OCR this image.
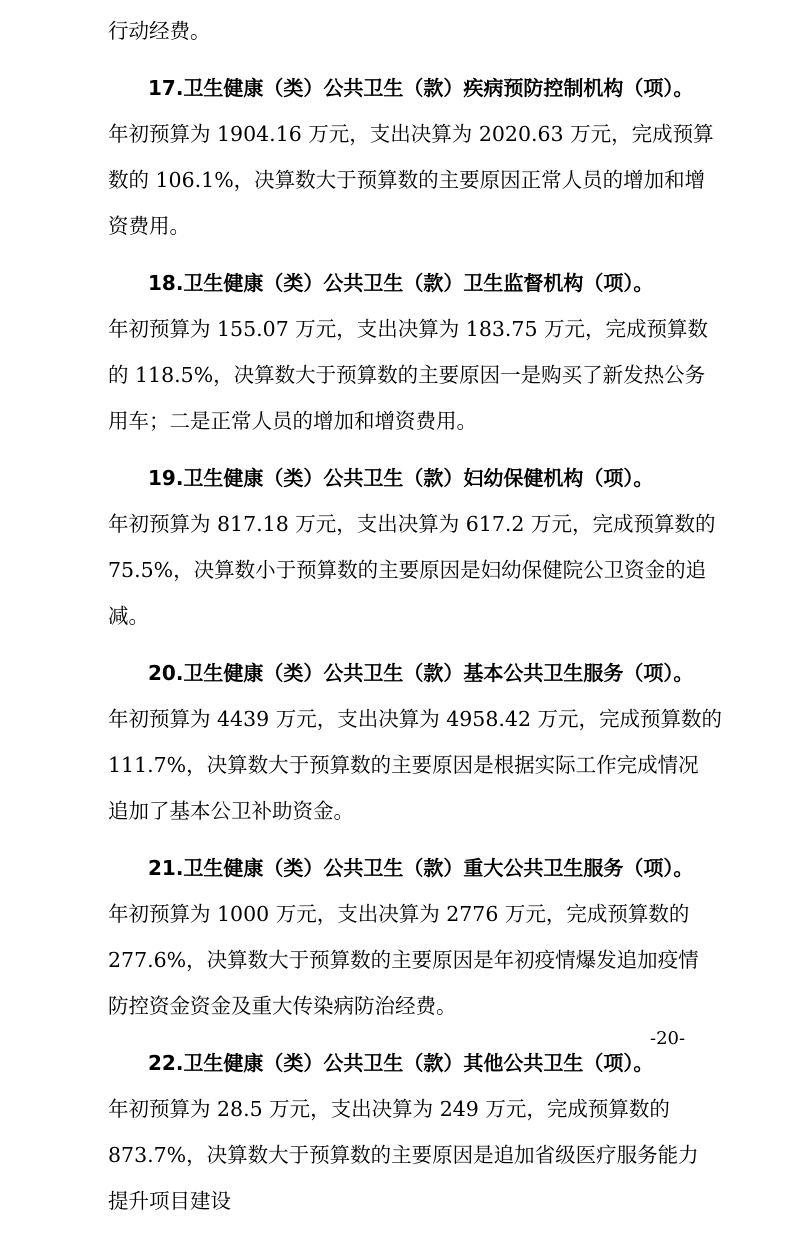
行动经费。
17.卫生健康（类）公共卫生（款）疾病预防控制机构（项）。
年初预算为 1904.16 万元，支出决算为 2020.63 万元，完成预算
数的 106.1%，决算数大于预算数的主要原因正常人员的增加和增
资费用。
18.卫生健康（类）公共卫生（款）卫生监督机构（项）。
年初预算为 155.07 万元，支出决算为 183.75 万元，完成预算数
的 118.5%，决算数大于预算数的主要原因一是购买了新发热公务
用车；二是正常人员的增加和增资费用。
19.卫生健康（类）公共卫生（款）妇幼保健机构（项）。
年初预算为 817.18 万元，支出决算为 617.2 万元，完成预算数的
75.5%，决算数小于预算数的主要原因是妇幼保健院公卫资金的追
减。
20.卫生健康（类）公共卫生（款）基本公共卫生服务（项）。
年初预算为 4439 万元，支出决算为 4958.42 万元，完成预算数的
111.7%，决算数大于预算数的主要原因是根据实际工作完成情况
追加了基本公卫补助资金。
21.卫生健康（类）公共卫生（款）重大公共卫生服务（项）。
年初预算为 1000 万元，支出决算为 2776 万元，完成预算数的
277.6%，决算数大于预算数的主要原因是年初疫情爆发追加疫情
防控资金资金及重大传染病防治经费。
22.卫生健康（类）公共卫生（款）其他公共卫生（项）。
年初预算为 28.5 万元，支出决算为 249 万元，完成预算数的
873.7%，决算数大于预算数的主要原因是追加省级医疗服务能力
提升项目建设
-20-
